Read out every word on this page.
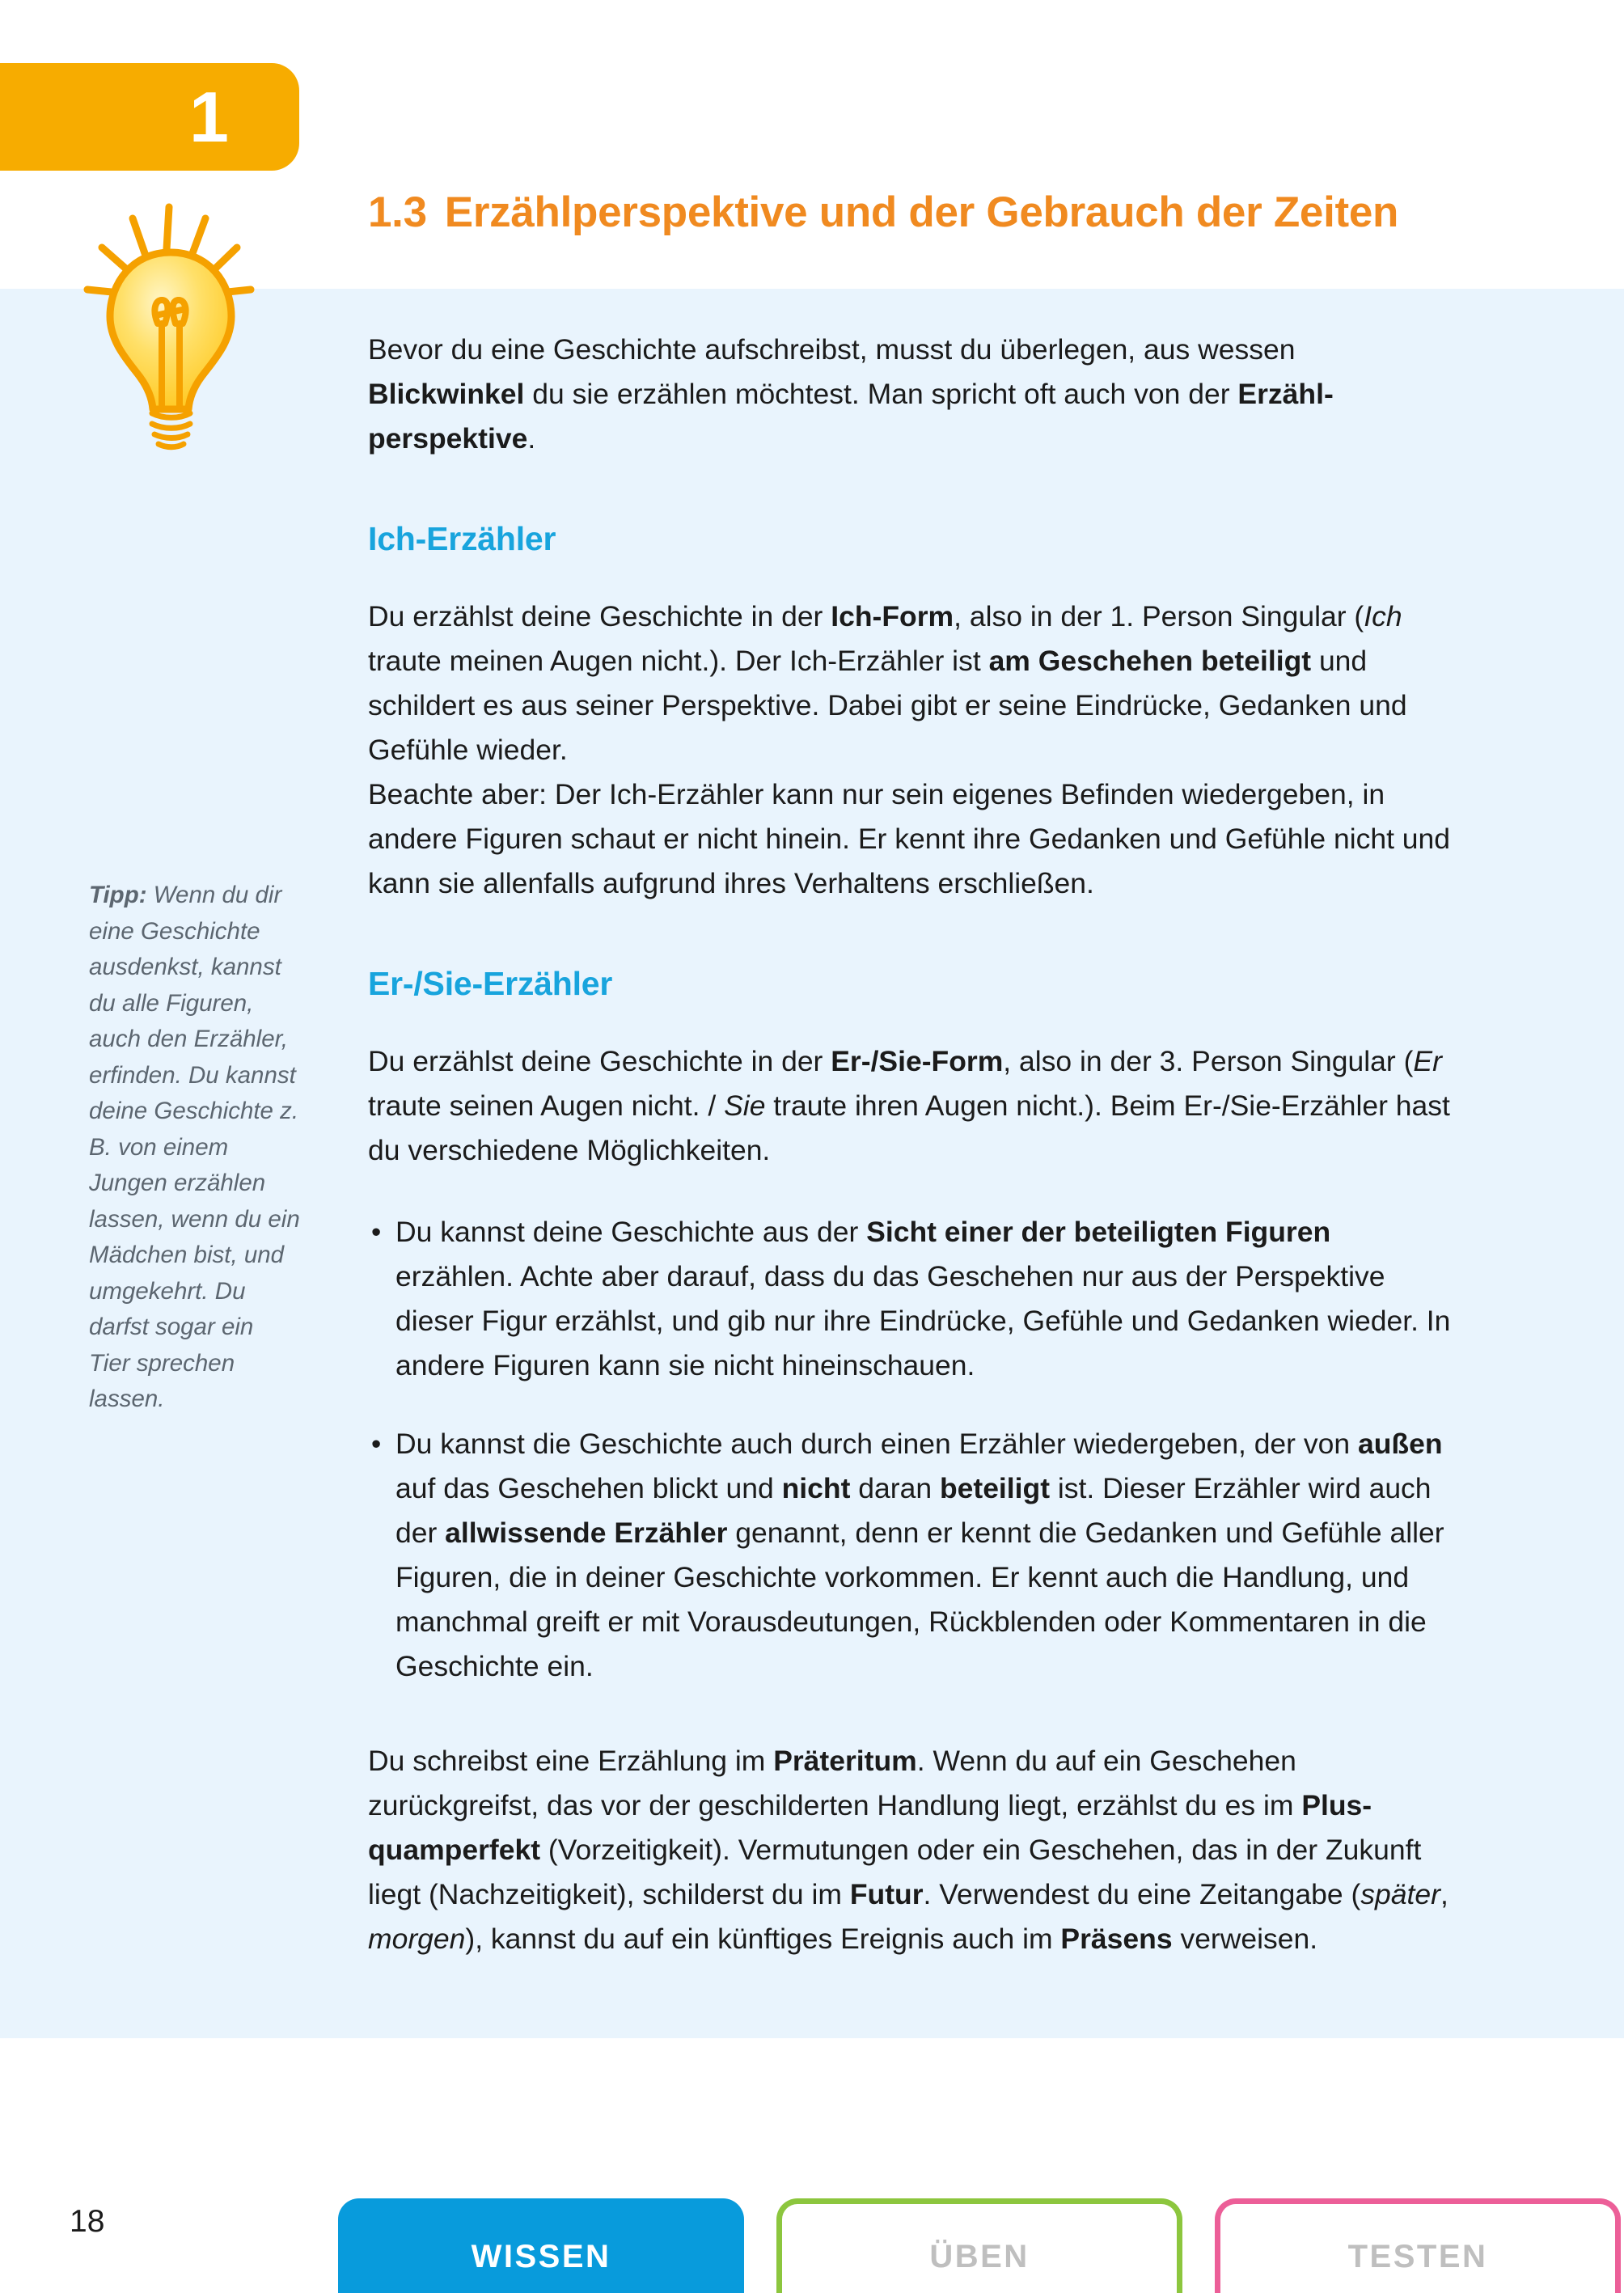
1
1.3 Erzählperspektive und der Gebrauch der Zeiten

Bevor du eine Geschichte aufschreibst, musst du überlegen, aus wessen Blickwinkel du sie erzählen möchtest. Man spricht oft auch von der Erzähl-perspektive.

Ich-Erzähler

Du erzählst deine Geschichte in der Ich-Form, also in der 1. Person Singular (Ich traute meinen Augen nicht.). Der Ich-Erzähler ist am Geschehen beteiligt und schildert es aus seiner Perspektive. Dabei gibt er seine Eindrücke, Gedanken und Gefühle wieder.

Beachte aber: Der Ich-Erzähler kann nur sein eigenes Befinden wiedergeben, in andere Figuren schaut er nicht hinein. Er kennt ihre Gedanken und Gefühle nicht und kann sie allenfalls aufgrund ihres Verhaltens erschließen.

Er-/Sie-Erzähler

Du erzählst deine Geschichte in der Er-/Sie-Form, also in der 3. Person Singular (Er traute seinen Augen nicht. / Sie traute ihren Augen nicht.). Beim Er-/Sie-Erzähler hast du verschiedene Möglichkeiten.

• Du kannst deine Geschichte aus der Sicht einer der beteiligten Figuren erzählen. Achte aber darauf, dass du das Geschehen nur aus der Perspektive dieser Figur erzählst, und gib nur ihre Eindrücke, Gefühle und Gedanken wieder. In andere Figuren kann sie nicht hineinschauen.
• Du kannst die Geschichte auch durch einen Erzähler wiedergeben, der von außen auf das Geschehen blickt und nicht daran beteiligt ist. Dieser Erzähler wird auch der allwissende Erzähler genannt, denn er kennt die Gedanken und Gefühle aller Figuren, die in deiner Geschichte vorkommen. Er kennt auch die Handlung, und manchmal greift er mit Vorausdeutungen, Rückblenden oder Kommentaren in die Geschichte ein.

Du schreibst eine Erzählung im Präteritum. Wenn du auf ein Geschehen zurückgreifst, das vor der geschilderten Handlung liegt, erzählst du es im Plus-quamperfekt (Vorzeitigkeit). Vermutungen oder ein Geschehen, das in der Zukunft liegt (Nachzeitigkeit), schilderst du im Futur. Verwendest du eine Zeitangabe (später, morgen), kannst du auf ein künftiges Ereignis auch im Präsens verweisen.

Tipp: Wenn du dir eine Geschichte ausdenkst, kannst du alle Figuren, auch den Erzähler, erfinden. Du kannst deine Geschichte z. B. von einem Jungen erzählen lassen, wenn du ein Mädchen bist, und umgekehrt. Du darfst sogar ein Tier sprechen lassen.
18
WISSEN	ÜBEN	TESTEN
